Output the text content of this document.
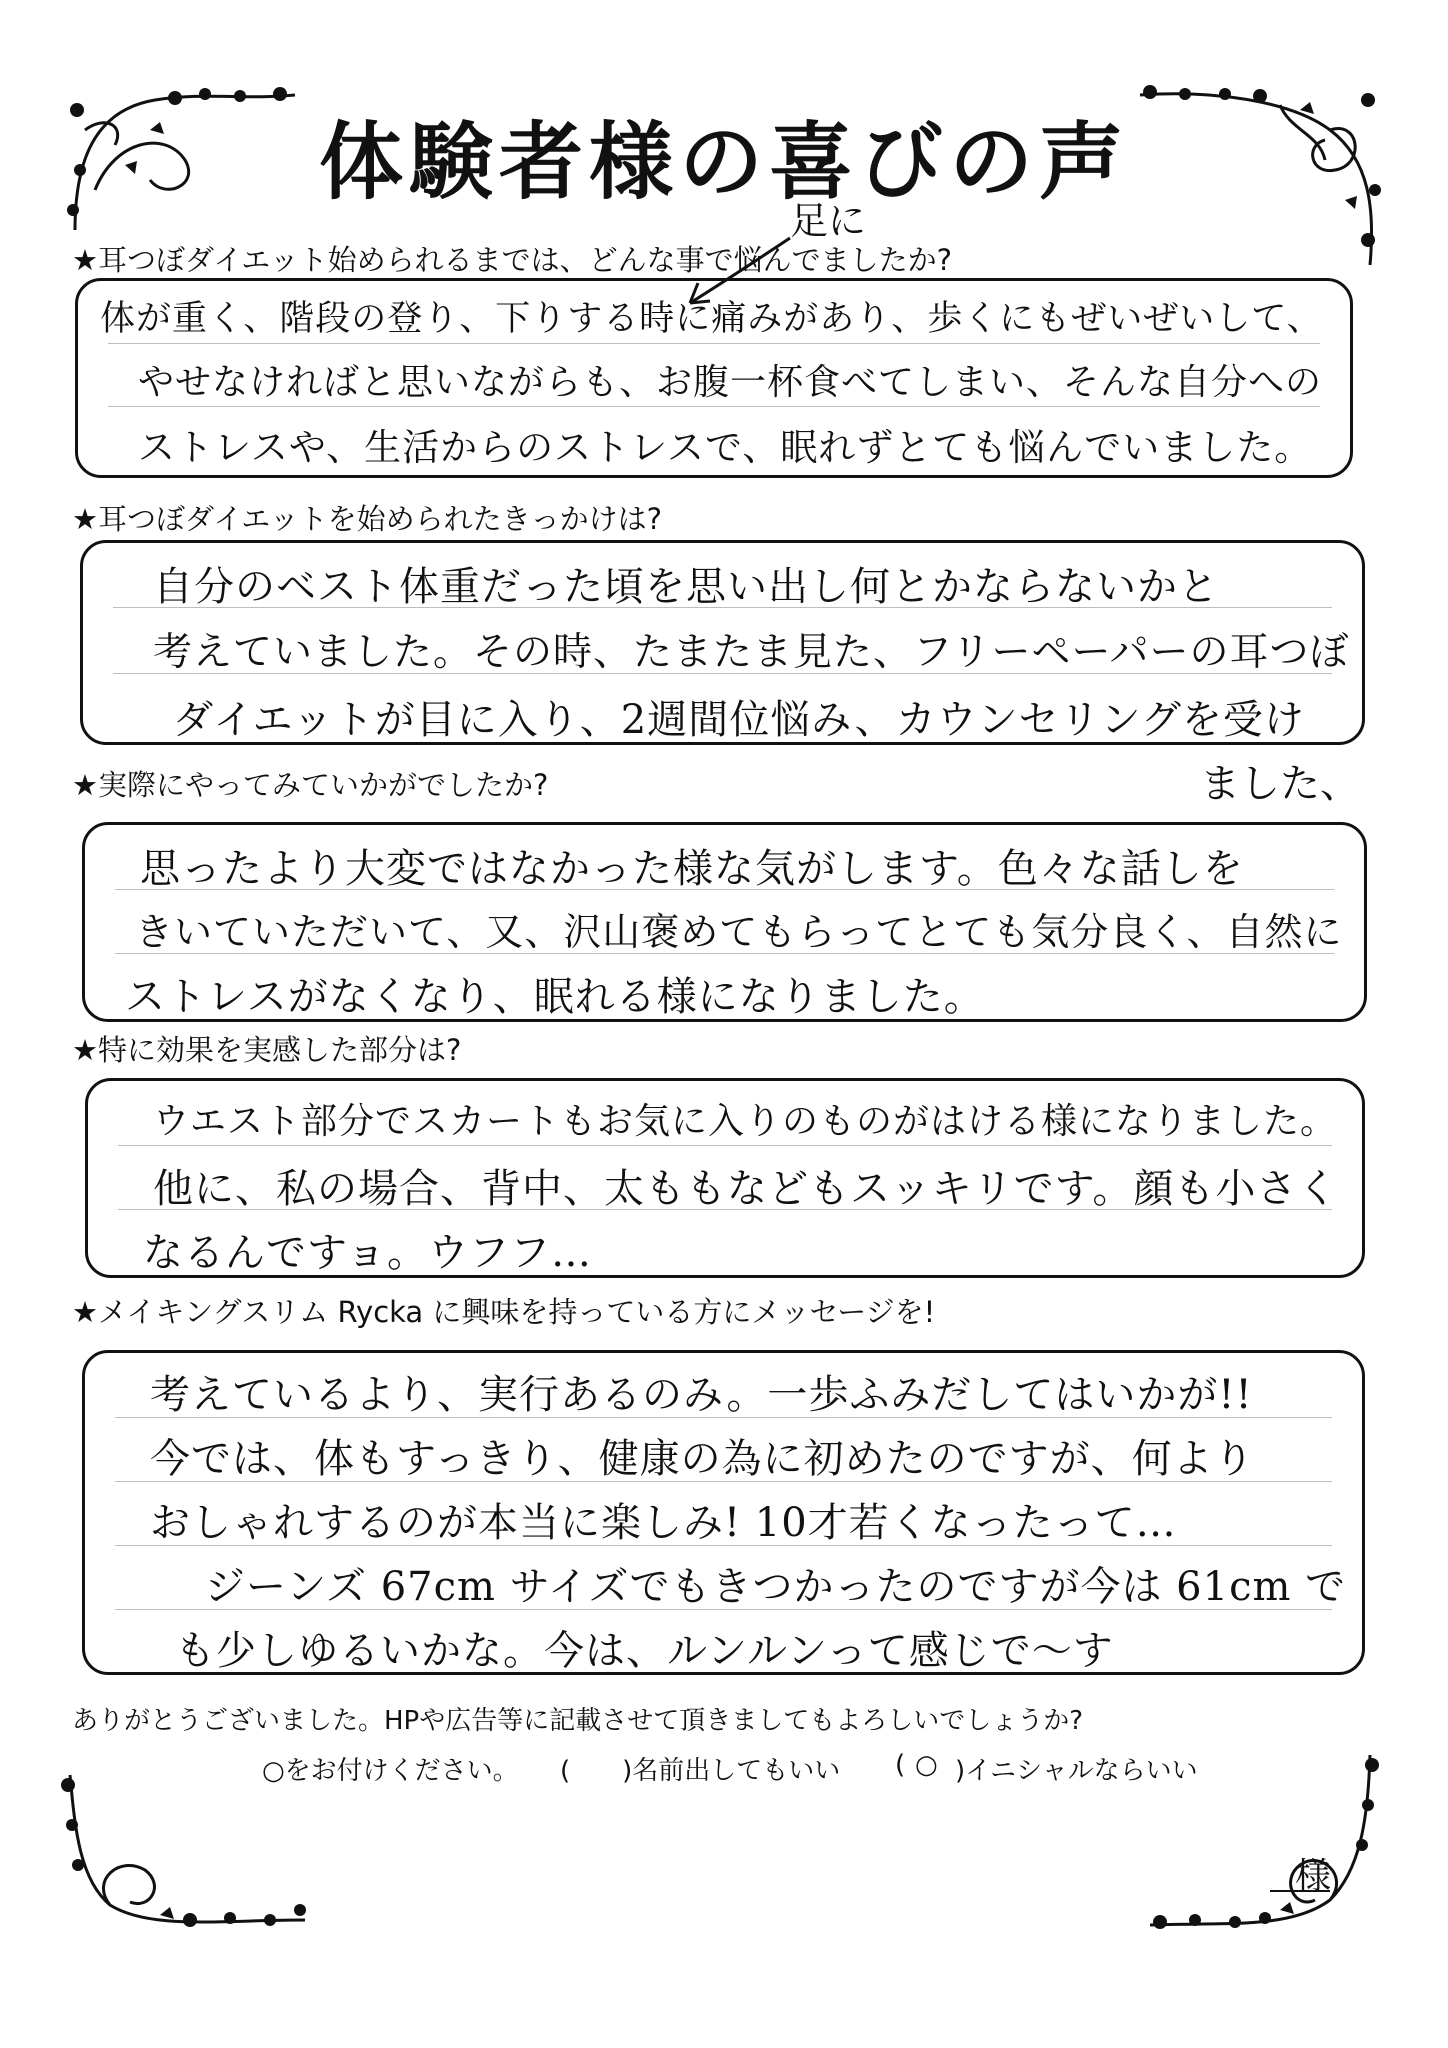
体験者様の喜びの声
足に
★耳つぼダイエット始められるまでは、どんな事で悩んでましたか?
体が重く、階段の登り、下りする時に痛みがあり、歩くにもぜいぜいして、
やせなければと思いながらも、お腹一杯食べてしまい、そんな自分への
ストレスや、生活からのストレスで、眠れずとても悩んでいました。
★耳つぼダイエットを始められたきっかけは?
自分のベスト体重だった頃を思い出し何とかならないかと
考えていました。その時、たまたま見た、フリーペーパーの耳つぼ
ダイエットが目に入り、2週間位悩み、カウンセリングを受け
ました、
★実際にやってみていかがでしたか?
思ったより大変ではなかった様な気がします。色々な話しを
きいていただいて、又、沢山褒めてもらってとても気分良く、自然に
ストレスがなくなり、眠れる様になりました。
★特に効果を実感した部分は?
ウエスト部分でスカートもお気に入りのものがはける様になりました。
他に、私の場合、背中、太ももなどもスッキリです。顔も小さく
なるんですョ。ウフフ…
★メイキングスリム Rycka に興味を持っている方にメッセージを!
考えているより、実行あるのみ。一歩ふみだしてはいかが!!
今では、体もすっきり、健康の為に初めたのですが、何より
おしゃれするのが本当に楽しみ! 10才若くなったって…
ジーンズ 67cm サイズでもきつかったのですが今は 61cm で
も少しゆるいかな。今は、ルンルンって感じで〜す
ありがとうございました。HPや広告等に記載させて頂きましてもよろしいでしょうか?
○をお付けください。 (　　)名前出してもいい ( ○ )イニシャルならいい
様
